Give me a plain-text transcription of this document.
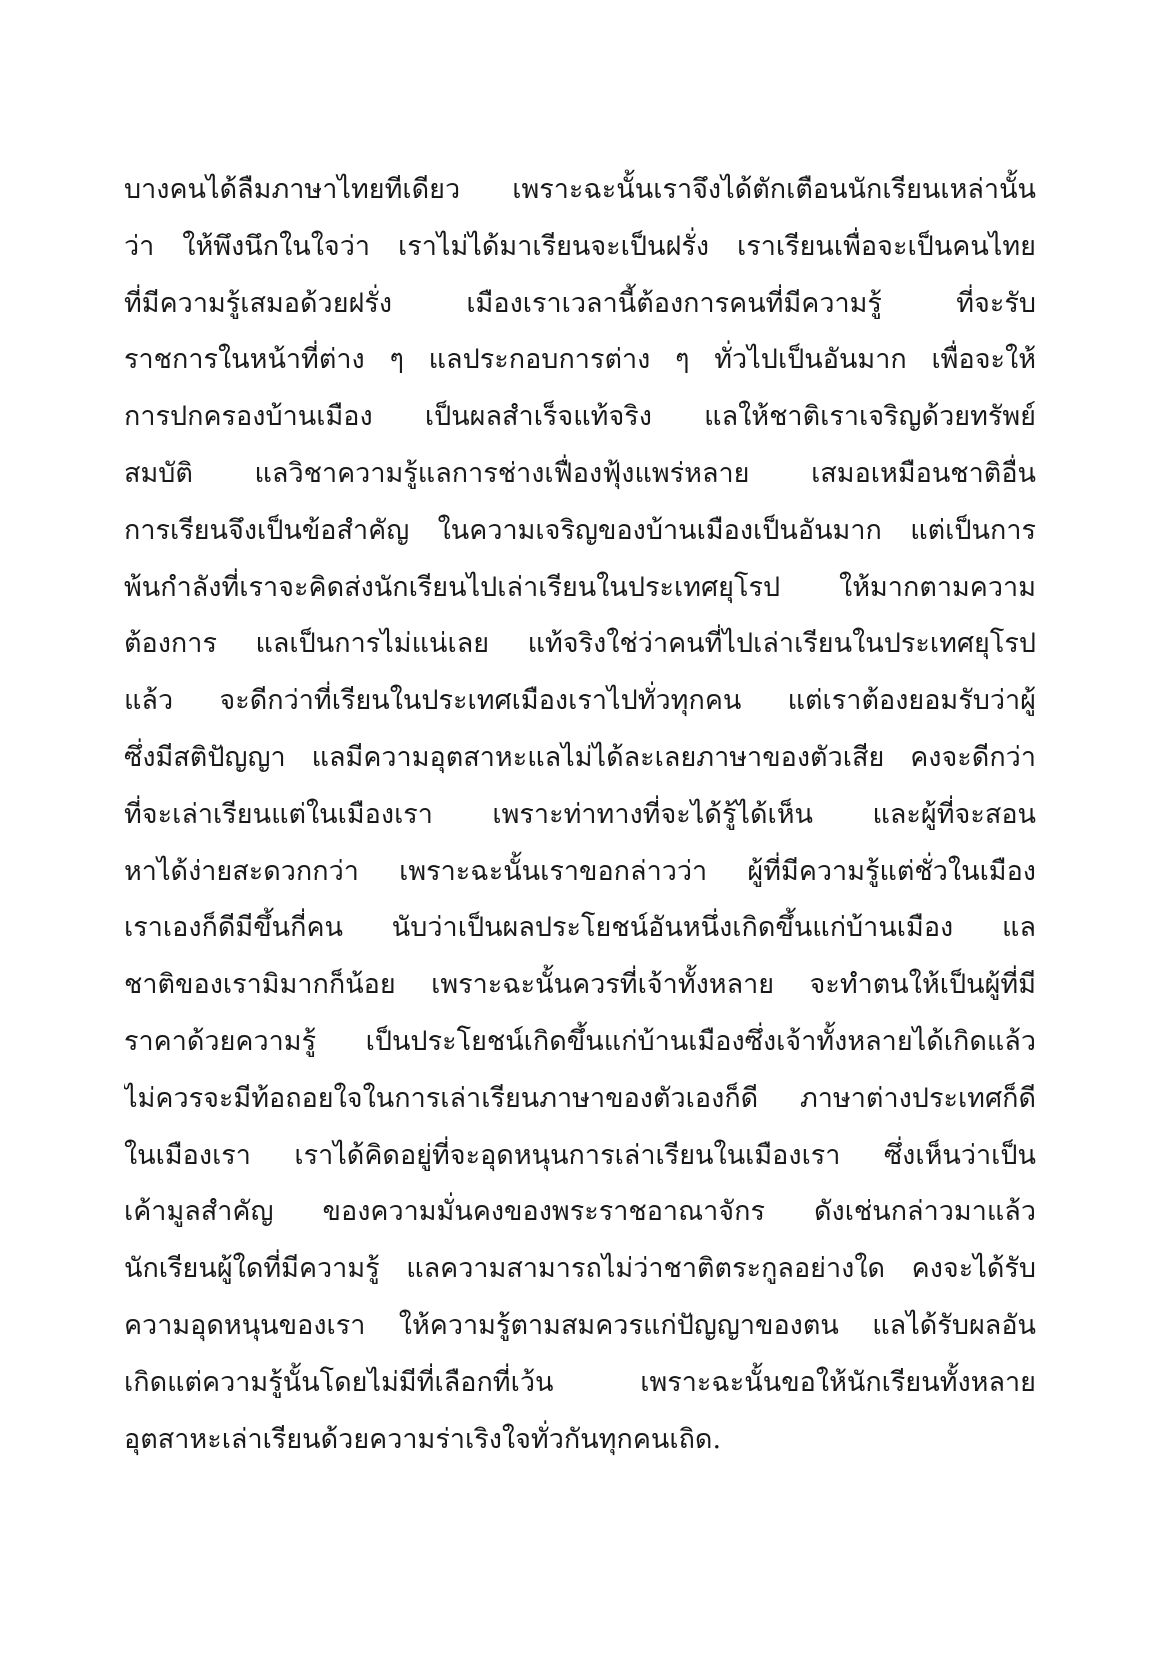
บางคนได้ลืมภาษาไทยทีเดียว เพราะฉะนั้นเราจึงได้ตักเตือนนักเรียนเหล่านั้น
ว่า ให้พึงนึกในใจว่า เราไม่ได้มาเรียนจะเป็นฝรั่ง เราเรียนเพื่อจะเป็นคนไทย
ที่มีความรู้เสมอด้วยฝรั่ง เมืองเราเวลานี้ต้องการคนที่มีความรู้ ที่จะรับ
ราชการในหน้าที่ต่าง ๆ แลประกอบการต่าง ๆ ทั่วไปเป็นอันมาก เพื่อจะให้
การปกครองบ้านเมือง เป็นผลสำเร็จแท้จริง แลให้ชาติเราเจริญด้วยทรัพย์
สมบัติ แลวิชาความรู้แลการช่างเฟื่องฟุ้งแพร่หลาย เสมอเหมือนชาติอื่น
การเรียนจึงเป็นข้อสำคัญ ในความเจริญของบ้านเมืองเป็นอันมาก แต่เป็นการ
พ้นกำลังที่เราจะคิดส่งนักเรียนไปเล่าเรียนในประเทศยุโรป ให้มากตามความ
ต้องการ แลเป็นการไม่แน่เลย แท้จริงใช่ว่าคนที่ไปเล่าเรียนในประเทศยุโรป
แล้ว จะดีกว่าที่เรียนในประเทศเมืองเราไปทั่วทุกคน แต่เราต้องยอมรับว่าผู้
ซึ่งมีสติปัญญา แลมีความอุตสาหะแลไม่ได้ละเลยภาษาของตัวเสีย คงจะดีกว่า
ที่จะเล่าเรียนแต่ในเมืองเรา เพราะท่าทางที่จะได้รู้ได้เห็น และผู้ที่จะสอน
หาได้ง่ายสะดวกกว่า เพราะฉะนั้นเราขอกล่าวว่า ผู้ที่มีความรู้แต่ชั่วในเมือง
เราเองก็ดีมีขึ้นกี่คน นับว่าเป็นผลประโยชน์อันหนึ่งเกิดขึ้นแก่บ้านเมือง แล
ชาติของเรามิมากก็น้อย เพราะฉะนั้นควรที่เจ้าทั้งหลาย จะทำตนให้เป็นผู้ที่มี
ราคาด้วยความรู้ เป็นประโยชน์เกิดขึ้นแก่บ้านเมืองซึ่งเจ้าทั้งหลายได้เกิดแล้ว
ไม่ควรจะมีท้อถอยใจในการเล่าเรียนภาษาของตัวเองก็ดี ภาษาต่างประเทศก็ดี
ในเมืองเรา เราได้คิดอยู่ที่จะอุดหนุนการเล่าเรียนในเมืองเรา ซึ่งเห็นว่าเป็น
เค้ามูลสำคัญ ของความมั่นคงของพระราชอาณาจักร ดังเช่นกล่าวมาแล้ว
นักเรียนผู้ใดที่มีความรู้ แลความสามารถไม่ว่าชาติตระกูลอย่างใด คงจะได้รับ
ความอุดหนุนของเรา ให้ความรู้ตามสมควรแก่ปัญญาของตน แลได้รับผลอัน
เกิดแต่ความรู้นั้นโดยไม่มีที่เลือกที่เว้น เพราะฉะนั้นขอให้นักเรียนทั้งหลาย
อุตสาหะเล่าเรียนด้วยความร่าเริงใจทั่วกันทุกคนเถิด.
